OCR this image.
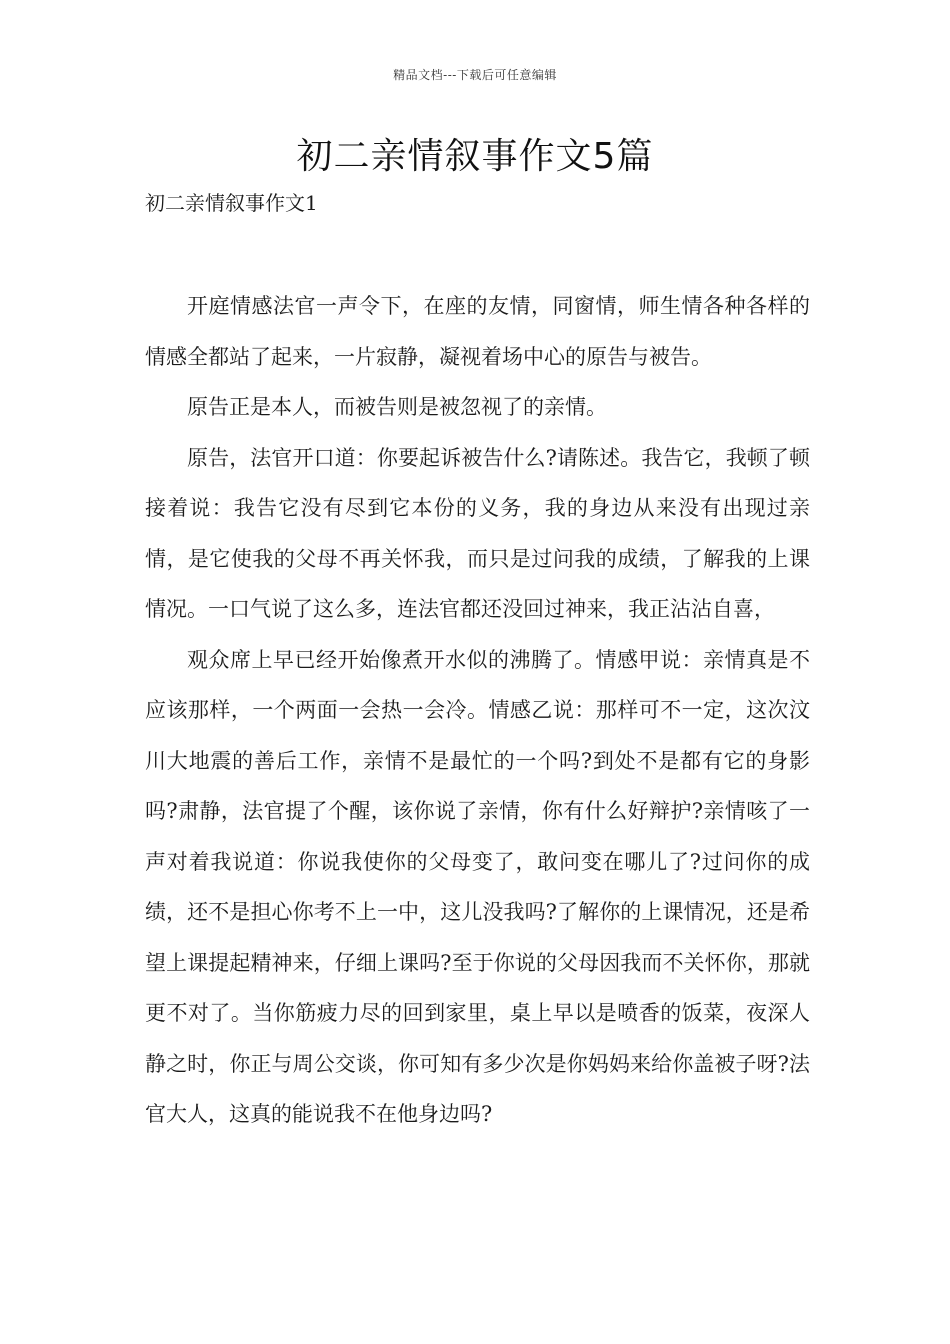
精品文档---下载后可任意编辑
初二亲情叙事作文5篇
初二亲情叙事作文1

开庭情感法官一声令下，在座的友情，同窗情，师生情各种各样的情感全都站了起来，一片寂静，凝视着场中心的原告与被告。

原告正是本人，而被告则是被忽视了的亲情。

原告，法官开口道：你要起诉被告什么?请陈述。我告它，我顿了顿接着说：我告它没有尽到它本份的义务，我的身边从来没有出现过亲情，是它使我的父母不再关怀我，而只是过问我的成绩，了解我的上课情况。一口气说了这么多，连法官都还没回过神来，我正沾沾自喜，

观众席上早已经开始像煮开水似的沸腾了。情感甲说：亲情真是不应该那样，一个两面一会热一会冷。情感乙说：那样可不一定，这次汶川大地震的善后工作，亲情不是最忙的一个吗?到处不是都有它的身影吗?肃静，法官提了个醒，该你说了亲情，你有什么好辩护?亲情咳了一声对着我说道：你说我使你的父母变了，敢问变在哪儿了?过问你的成绩，还不是担心你考不上一中，这儿没我吗?了解你的上课情况，还是希望上课提起精神来，仔细上课吗?至于你说的父母因我而不关怀你，那就更不对了。当你筋疲力尽的回到家里，桌上早以是喷香的饭菜，夜深人静之时，你正与周公交谈，你可知有多少次是你妈妈来给你盖被子呀?法官大人，这真的能说我不在他身边吗?
